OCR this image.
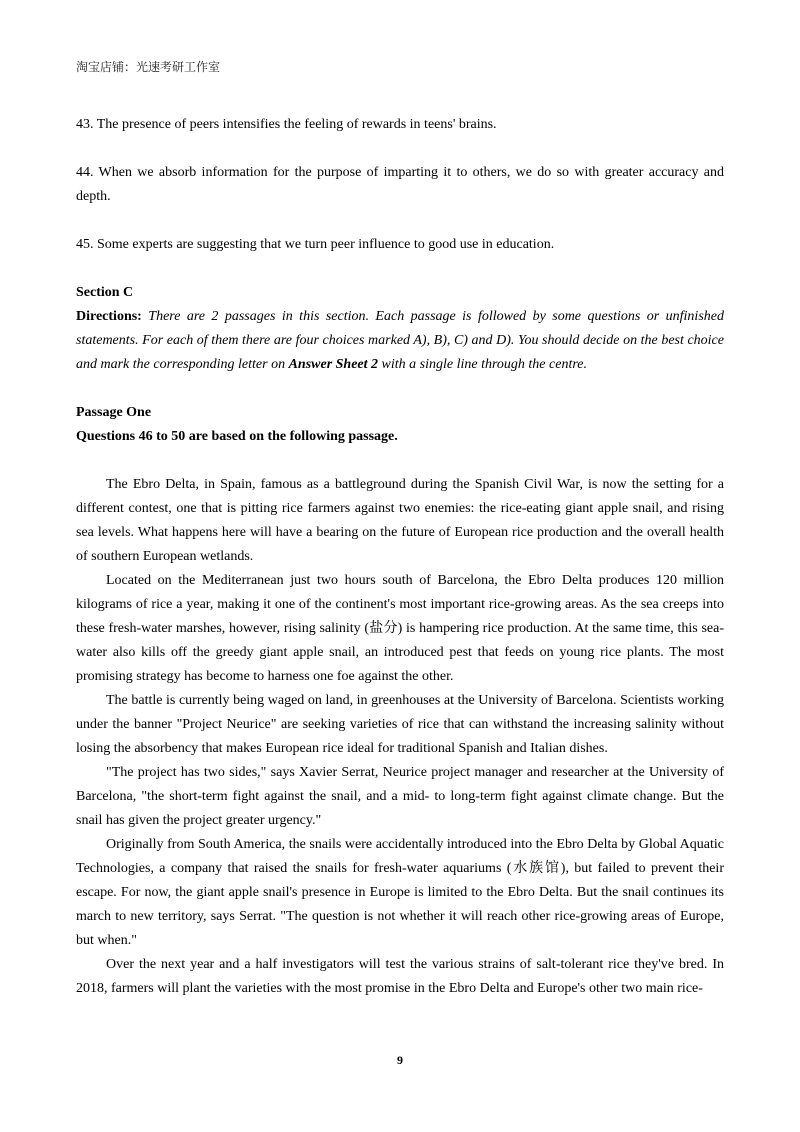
淘宝店铺：光速考研工作室

43. The presence of peers intensifies the feeling of rewards in teens' brains.

44. When we absorb information for the purpose of imparting it to others, we do so with greater accuracy and depth.

45. Some experts are suggesting that we turn peer influence to good use in education.

Section C

Directions: There are 2 passages in this section. Each passage is followed by some questions or unfinished statements. For each of them there are four choices marked A), B), C) and D). You should decide on the best choice and mark the corresponding letter on Answer Sheet 2 with a single line through the centre.

Passage One

Questions 46 to 50 are based on the following passage.

The Ebro Delta, in Spain, famous as a battleground during the Spanish Civil War, is now the setting for a different contest, one that is pitting rice farmers against two enemies: the rice-eating giant apple snail, and rising sea levels. What happens here will have a bearing on the future of European rice production and the overall health of southern European wetlands.

Located on the Mediterranean just two hours south of Barcelona, the Ebro Delta produces 120 million kilograms of rice a year, making it one of the continent's most important rice-growing areas. As the sea creeps into these fresh-water marshes, however, rising salinity (盐分) is hampering rice production. At the same time, this sea-water also kills off the greedy giant apple snail, an introduced pest that feeds on young rice plants. The most promising strategy has become to harness one foe against the other.

The battle is currently being waged on land, in greenhouses at the University of Barcelona. Scientists working under the banner "Project Neurice" are seeking varieties of rice that can withstand the increasing salinity without losing the absorbency that makes European rice ideal for traditional Spanish and Italian dishes.

"The project has two sides," says Xavier Serrat, Neurice project manager and researcher at the University of Barcelona, "the short-term fight against the snail, and a mid- to long-term fight against climate change. But the snail has given the project greater urgency."

Originally from South America, the snails were accidentally introduced into the Ebro Delta by Global Aquatic Technologies, a company that raised the snails for fresh-water aquariums (水族馆), but failed to prevent their escape. For now, the giant apple snail's presence in Europe is limited to the Ebro Delta. But the snail continues its march to new territory, says Serrat. "The question is not whether it will reach other rice-growing areas of Europe, but when."

Over the next year and a half investigators will test the various strains of salt-tolerant rice they've bred. In 2018, farmers will plant the varieties with the most promise in the Ebro Delta and Europe's other two main rice-

9
